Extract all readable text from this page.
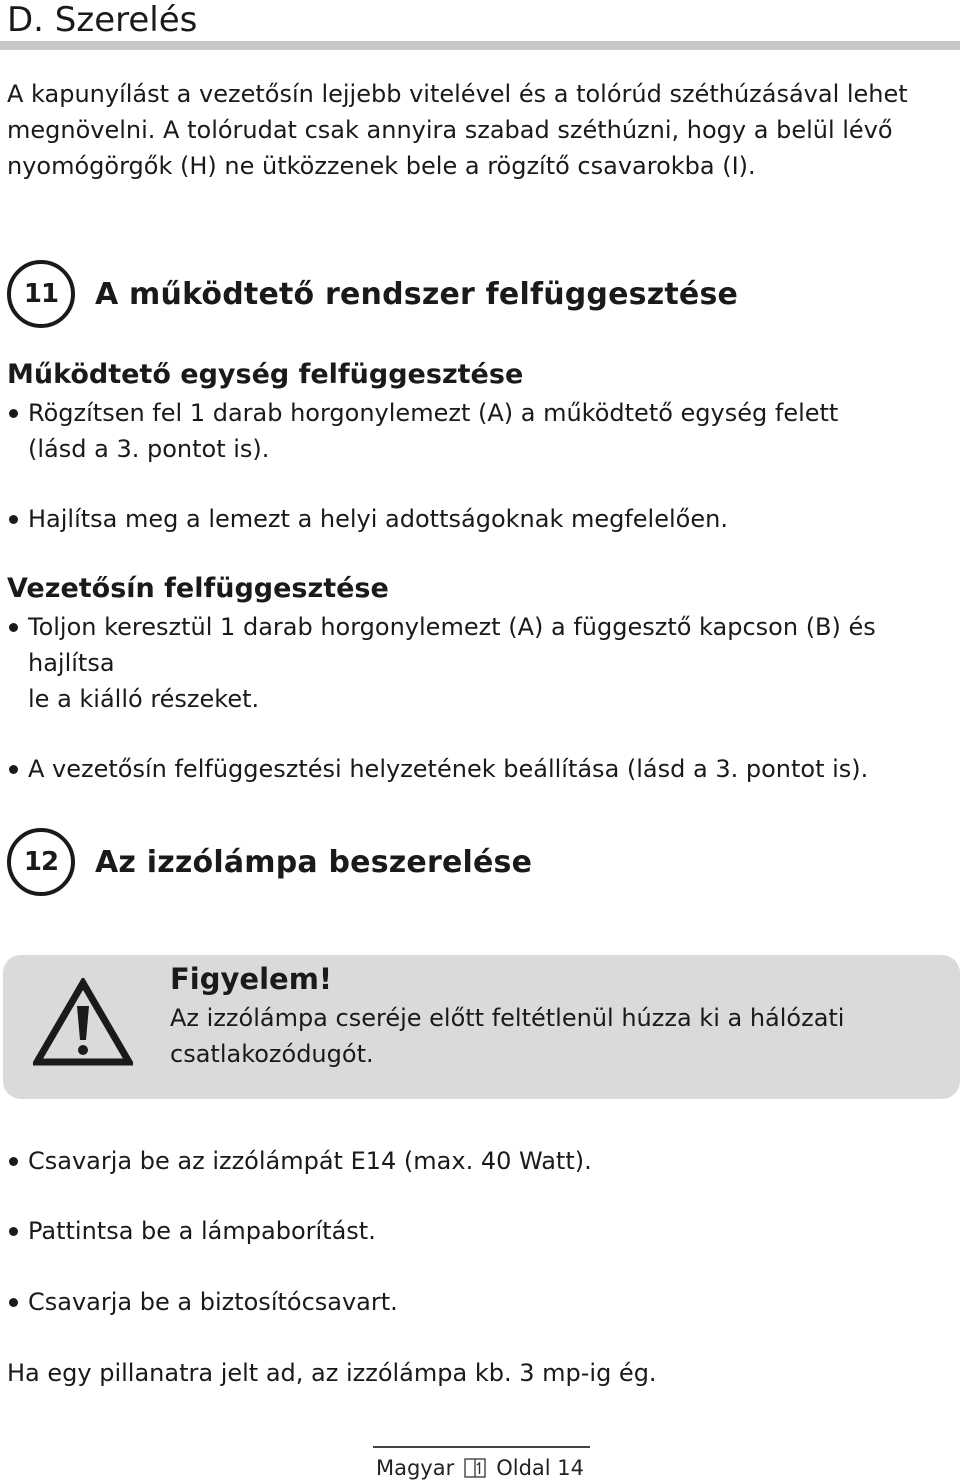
D. Szerelés
A kapunyílást a vezetősín lejjebb vitelével és a tolórúd széthúzásával lehet
megnövelni. A tolórudat csak annyira szabad széthúzni, hogy a belül lévő
nyomógörgők (H) ne ütközzenek bele a rögzítő csavarokba (I).
11	A működtető rendszer felfüggesztése
Működtető egység felfüggesztése
Rögzítsen fel 1 darab horgonylemezt (A) a működtető egység felett
(lásd a 3. pontot is).
Hajlítsa meg a lemezt a helyi adottságoknak megfelelően.
Vezetősín felfüggesztése
Toljon keresztül 1 darab horgonylemezt (A) a függesztő kapcson (B) és hajlítsa
le a kiálló részeket.
A vezetősín felfüggesztési helyzetének beállítása (lásd a 3. pontot is).
12	Az izzólámpa beszerelése
Figyelem!
Az izzólámpa cseréje előtt feltétlenül húzza ki a hálózati
csatlakozódugót.
Csavarja be az izzólámpát E14 (max. 40 Watt).
Pattintsa be a lámpaborítást.
Csavarja be a biztosítócsavart.
Ha egy pillanatra jelt ad, az izzólámpa kb. 3 mp-ig ég.
Magyar Oldal 14
